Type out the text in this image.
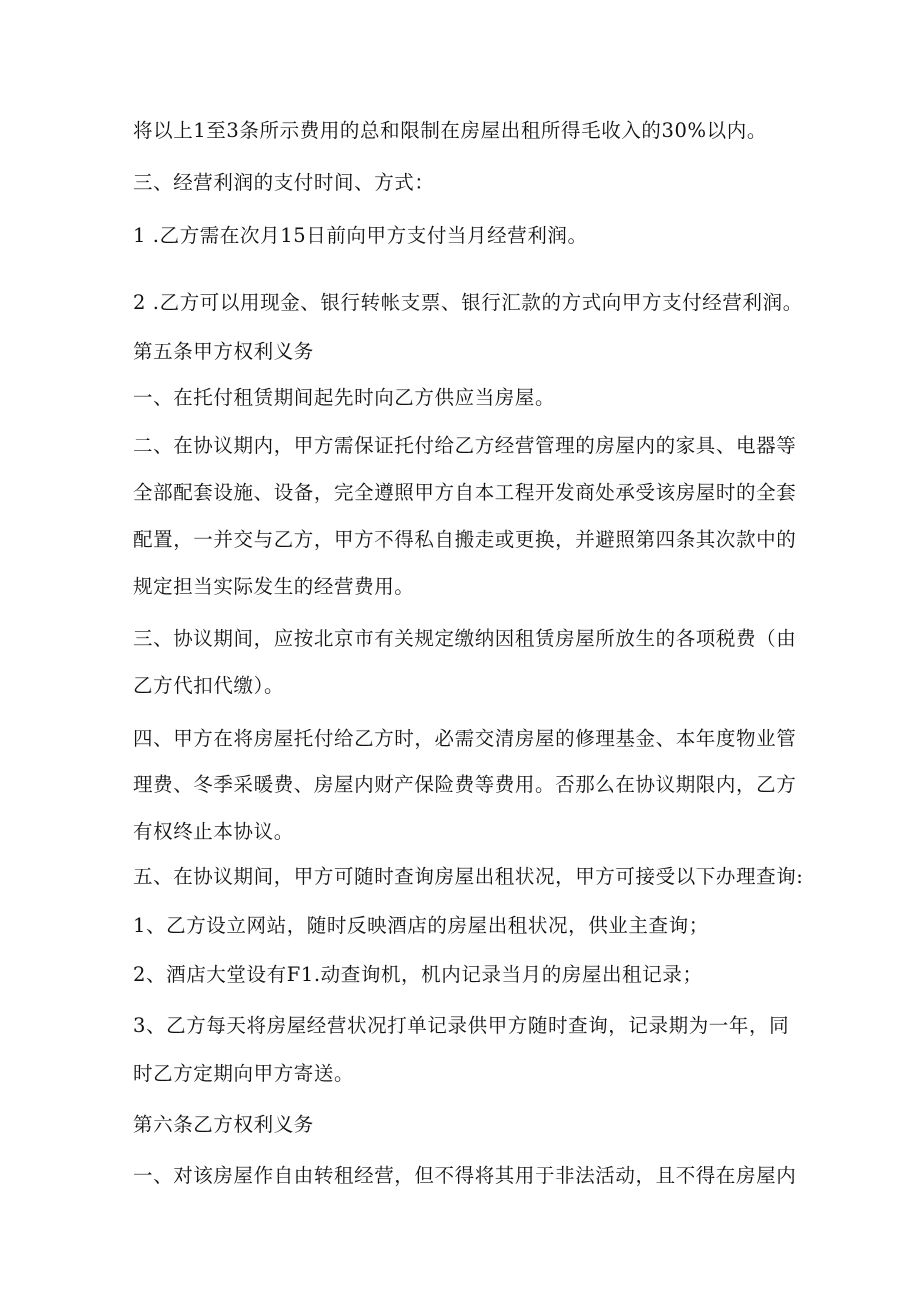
将以上1至3条所示费用的总和限制在房屋出租所得毛收入的30%以内。
三、经营利润的支付时间、方式：
1 .乙方需在次月15日前向甲方支付当月经营利润。
2 .乙方可以用现金、银行转帐支票、银行汇款的方式向甲方支付经营利润。
第五条甲方权利义务
一、在托付租赁期间起先时向乙方供应当房屋。
二、在协议期内，甲方需保证托付给乙方经营管理的房屋内的家具、电器等
全部配套设施、设备，完全遵照甲方自本工程开发商处承受该房屋时的全套
配置，一并交与乙方，甲方不得私自搬走或更换，并避照第四条其次款中的
规定担当实际发生的经营费用。
三、协议期间，应按北京市有关规定缴纳因租赁房屋所放生的各项税费（由
乙方代扣代缴）。
四、甲方在将房屋托付给乙方时，必需交清房屋的修理基金、本年度物业管
理费、冬季采暖费、房屋内财产保险费等费用。否那么在协议期限内，乙方
有权终止本协议。
五、在协议期间，甲方可随时查询房屋出租状况，甲方可接受以下办理查询:
1、乙方设立网站，随时反映酒店的房屋出租状况，供业主查询；
2、酒店大堂设有F1.动查询机，机内记录当月的房屋出租记录；
3、乙方每天将房屋经营状况打单记录供甲方随时查询，记录期为一年，同
时乙方定期向甲方寄送。
第六条乙方权利义务
一、对该房屋作自由转租经营，但不得将其用于非法活动，且不得在房屋内
